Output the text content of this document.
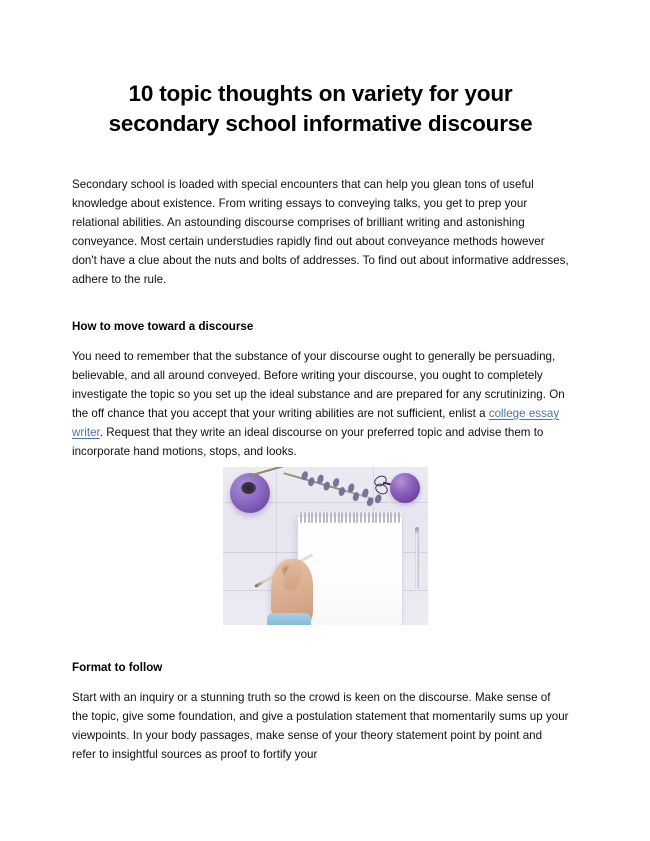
10 topic thoughts on variety for your secondary school informative discourse

Secondary school is loaded with special encounters that can help you glean tons of useful knowledge about existence. From writing essays to conveying talks, you get to prep your relational abilities. An astounding discourse comprises of brilliant writing and astonishing conveyance. Most certain understudies rapidly find out about conveyance methods however don't have a clue about the nuts and bolts of addresses. To find out about informative addresses, adhere to the rule.

How to move toward a discourse

You need to remember that the substance of your discourse ought to generally be persuading, believable, and all around conveyed. Before writing your discourse, you ought to completely investigate the topic so you set up the ideal substance and are prepared for any scrutinizing. On the off chance that you accept that your writing abilities are not sufficient, enlist a college essay writer. Request that they write an ideal discourse on your preferred topic and advise them to incorporate hand motions, stops, and looks.

Format to follow

Start with an inquiry or a stunning truth so the crowd is keen on the discourse. Make sense of the topic, give some foundation, and give a postulation statement that momentarily sums up your viewpoints. In your body passages, make sense of your theory statement point by point and refer to insightful sources as proof to fortify your
